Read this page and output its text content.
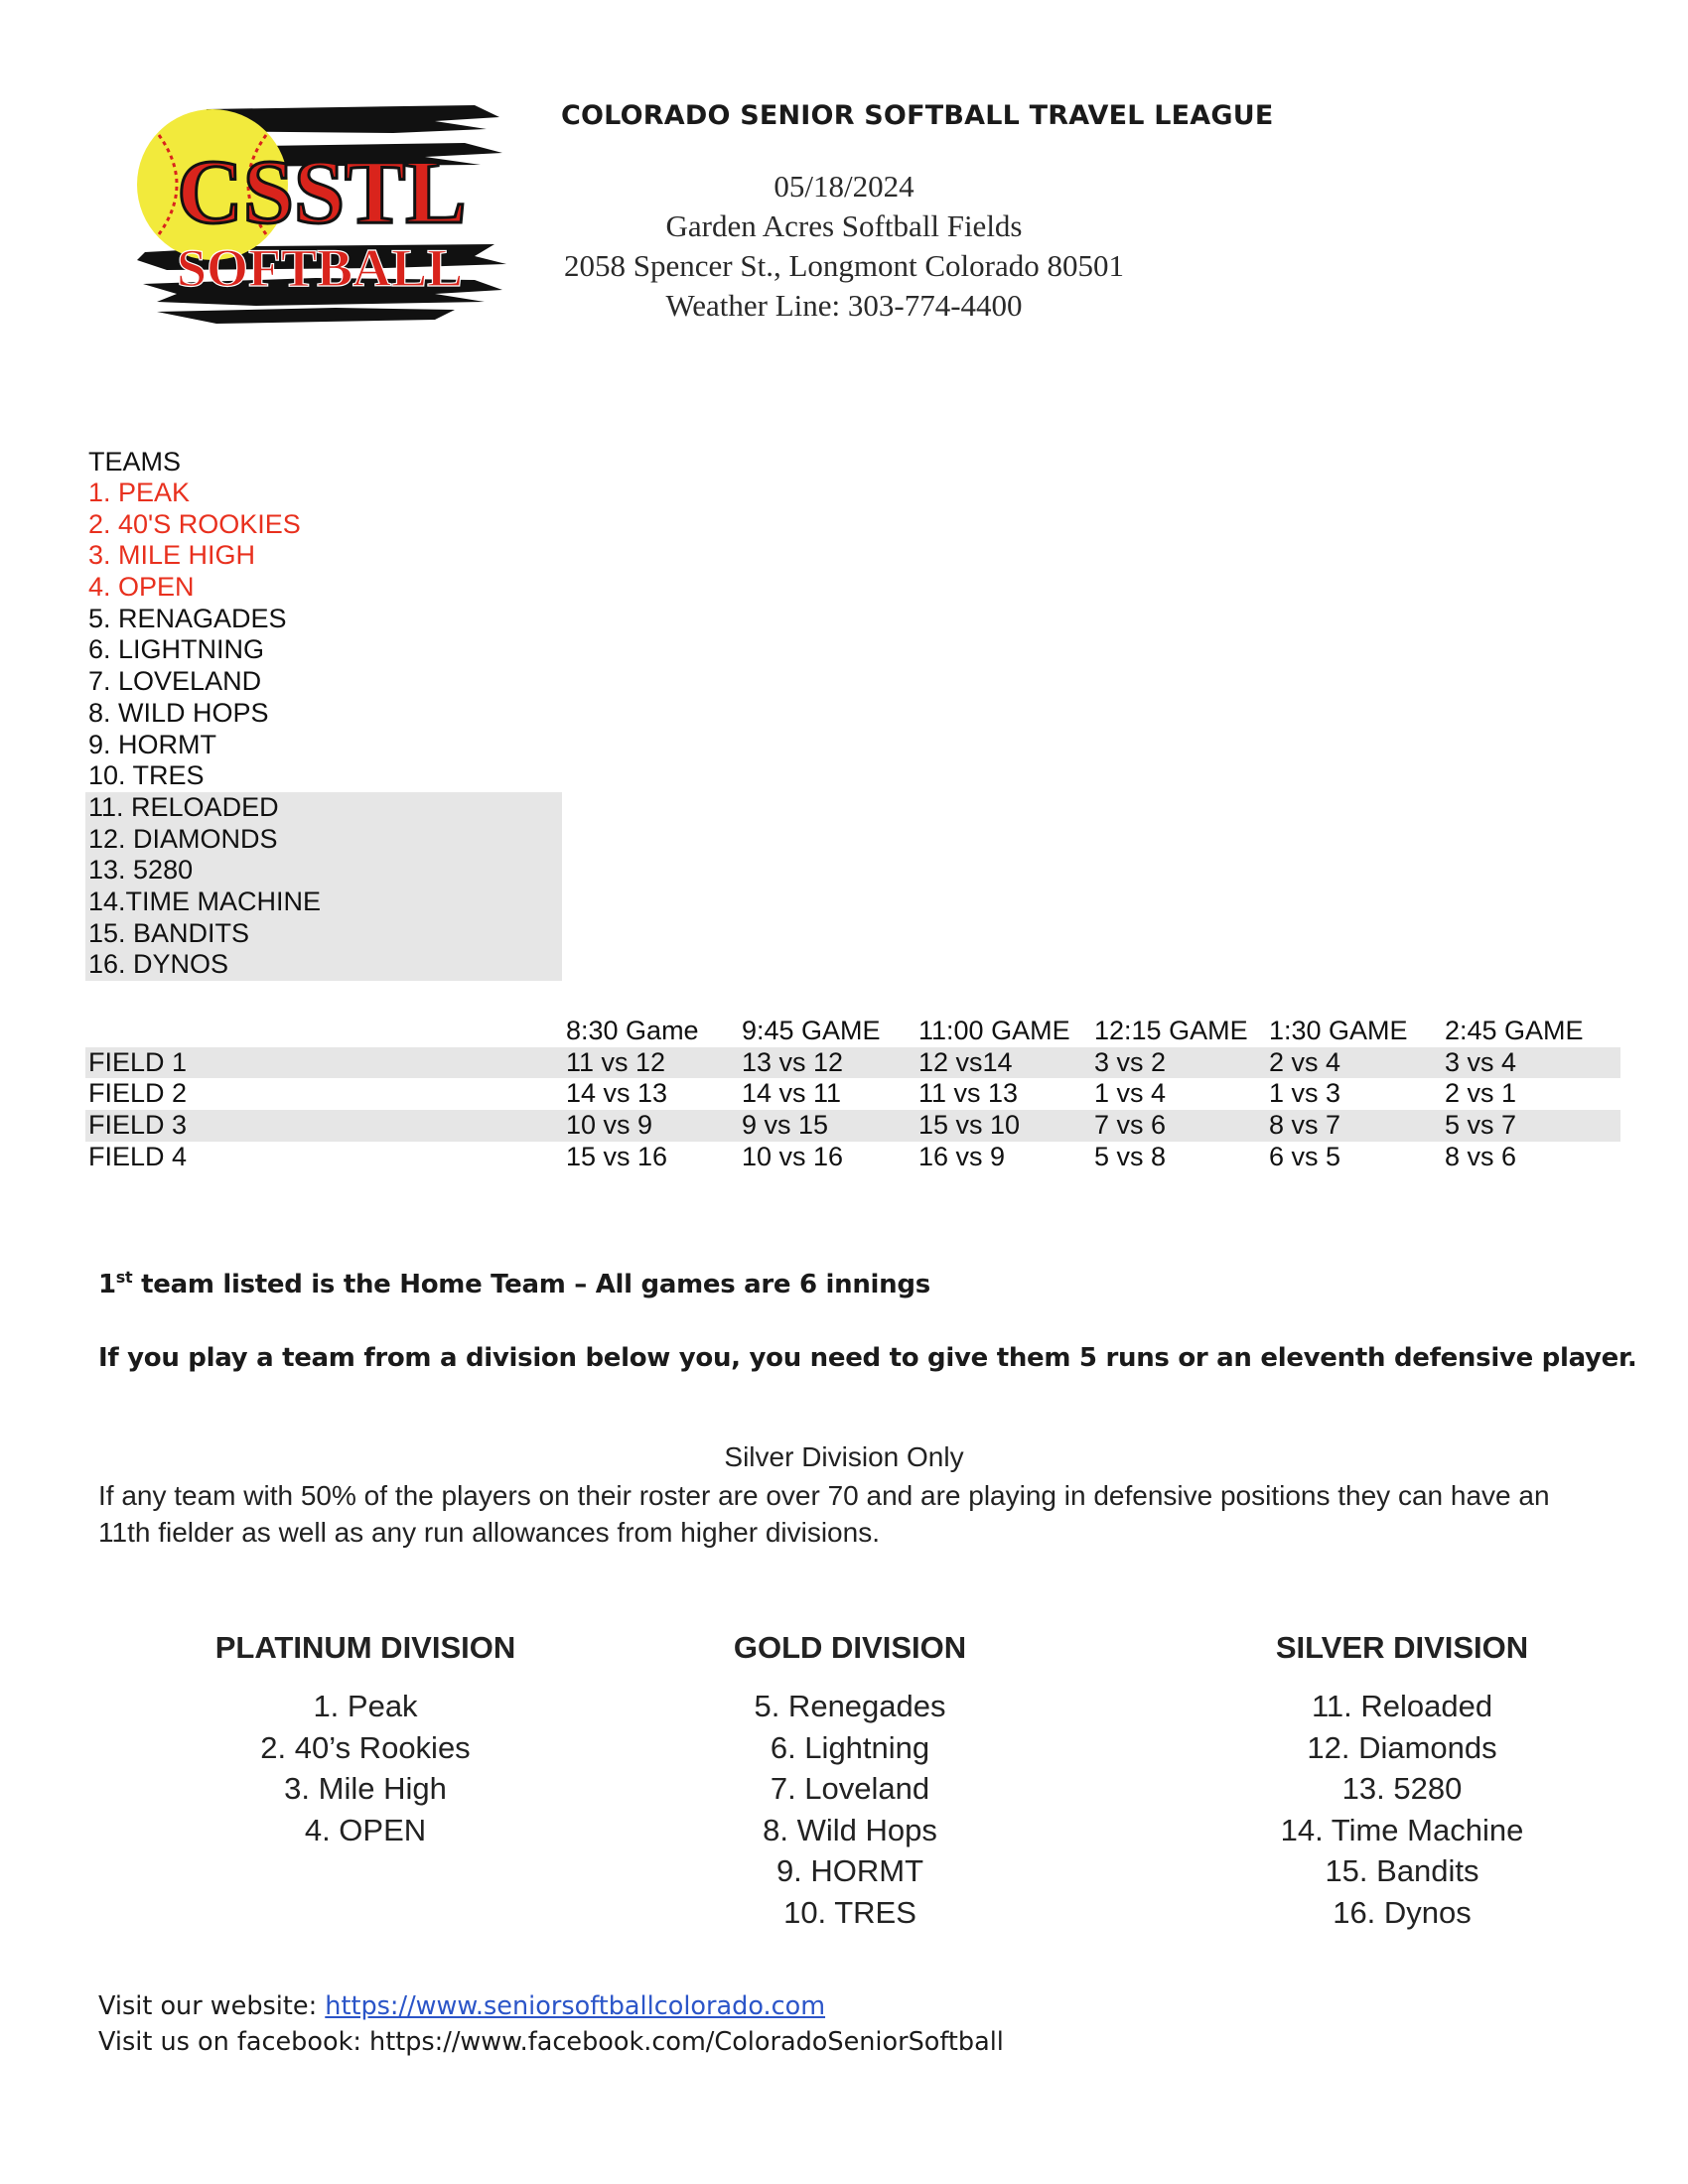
CSSTL
SOFTBALL
COLORADO SENIOR SOFTBALL TRAVEL LEAGUE
05/18/2024
Garden Acres Softball Fields
2058 Spencer St., Longmont Colorado 80501
Weather Line: 303-774-4400
TEAMS
1. PEAK
2. 40'S ROOKIES
3. MILE HIGH
4. OPEN
5. RENAGADES
6. LIGHTNING
7. LOVELAND
8. WILD HOPS
9. HORMT
10. TRES
11. RELOADED
12. DIAMONDS
13. 5280
14.TIME MACHINE
15. BANDITS
16. DYNOS
8:30 Game 9:45 GAME 11:00 GAME 12:15 GAME 1:30 GAME 2:45 GAME
FIELD 1	11 vs 12	13 vs 12	12 vs14	3 vs 2	2 vs 4	3 vs 4
FIELD 2	14 vs 13	14 vs 11	11 vs 13	1 vs 4	1 vs 3	2 vs 1
FIELD 3	10 vs 9	9 vs 15	15 vs 10	7 vs 6	8 vs 7	5 vs 7
FIELD 4	15 vs 16	10 vs 16	16 vs 9	5 vs 8	6 vs 5	8 vs 6
1st team listed is the Home Team – All games are 6 innings
If you play a team from a division below you, you need to give them 5 runs or an eleventh defensive player.
Silver Division Only
If any team with 50% of the players on their roster are over 70 and are playing in defensive positions they can have an 11th fielder as well as any run allowances from higher divisions.
PLATINUM DIVISION
1. Peak
2. 40’s Rookies
3. Mile High
4. OPEN
GOLD DIVISION
5. Renegades
6. Lightning
7. Loveland
8. Wild Hops
9. HORMT
10. TRES
SILVER DIVISION
11. Reloaded
12. Diamonds
13. 5280
14. Time Machine
15. Bandits
16. Dynos
Visit our website: https://www.seniorsoftballcolorado.com
Visit us on facebook: https://www.facebook.com/ColoradoSeniorSoftball
